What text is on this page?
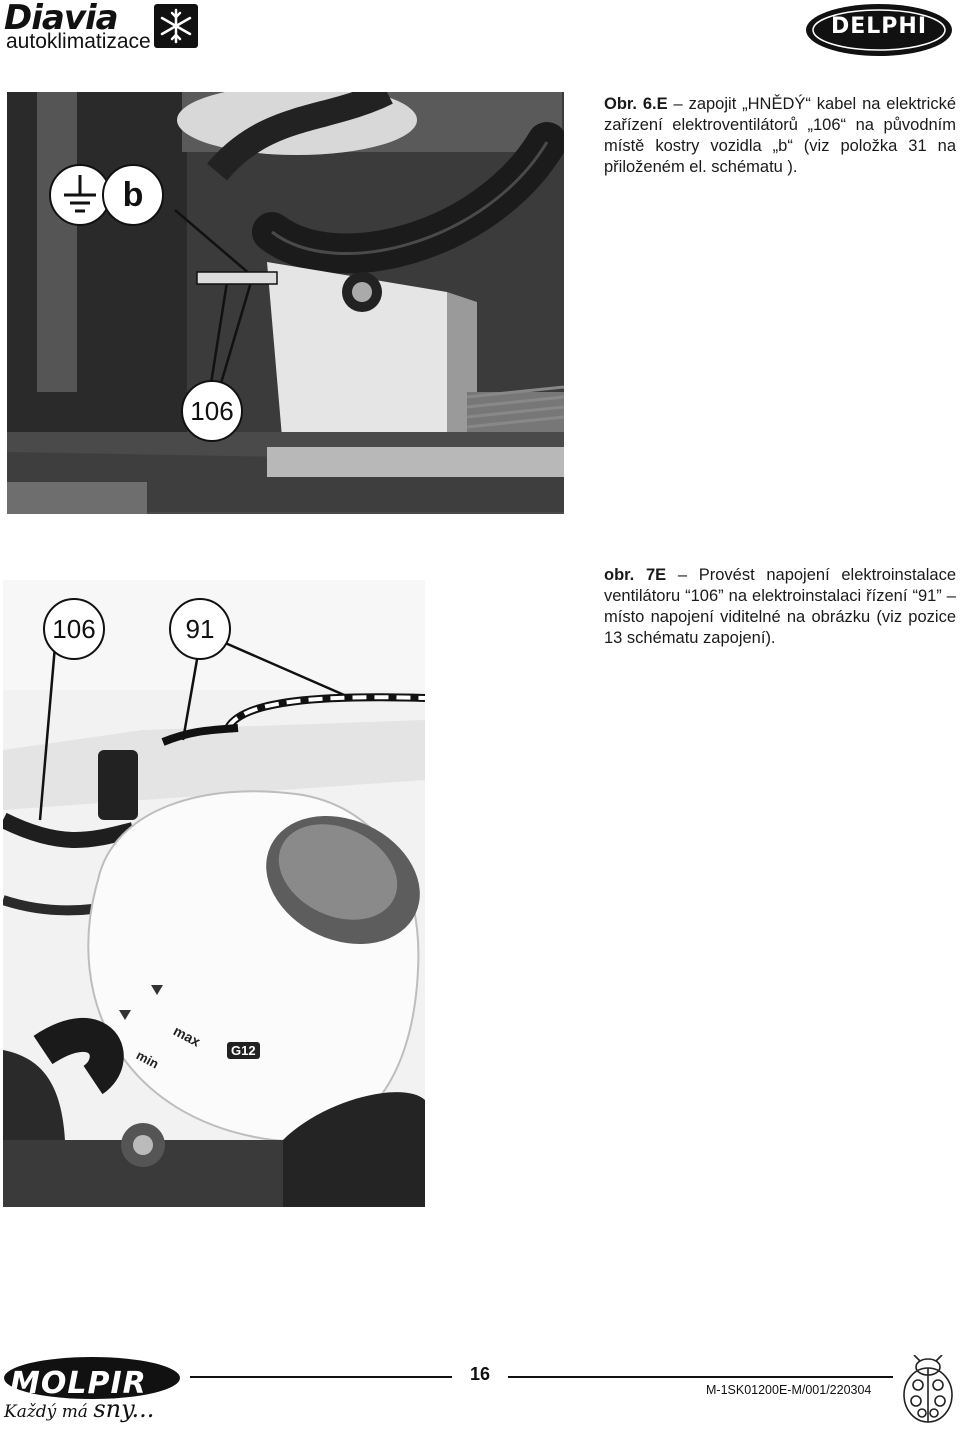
Diavia
autoklimatizace
DELPHI
b
106
Obr. 6.E – zapojit „HNĚDÝ“ kabel na elektrické zařízení elektroventilátorů „106“ na původním místě kostry vozidla „b“ (viz položka 31 na přiloženém el. schématu ).
106	91
max
min	G12
obr. 7E – Provést napojení elektroinstalace ventilátoru “106” na elektroinstalaci řízení “91” – místo napojení viditelné na obrázku (viz pozice 13 schématu zapojení).
MOLPIR
Každý má sny...
16
M-1SK01200E-M/001/220304
